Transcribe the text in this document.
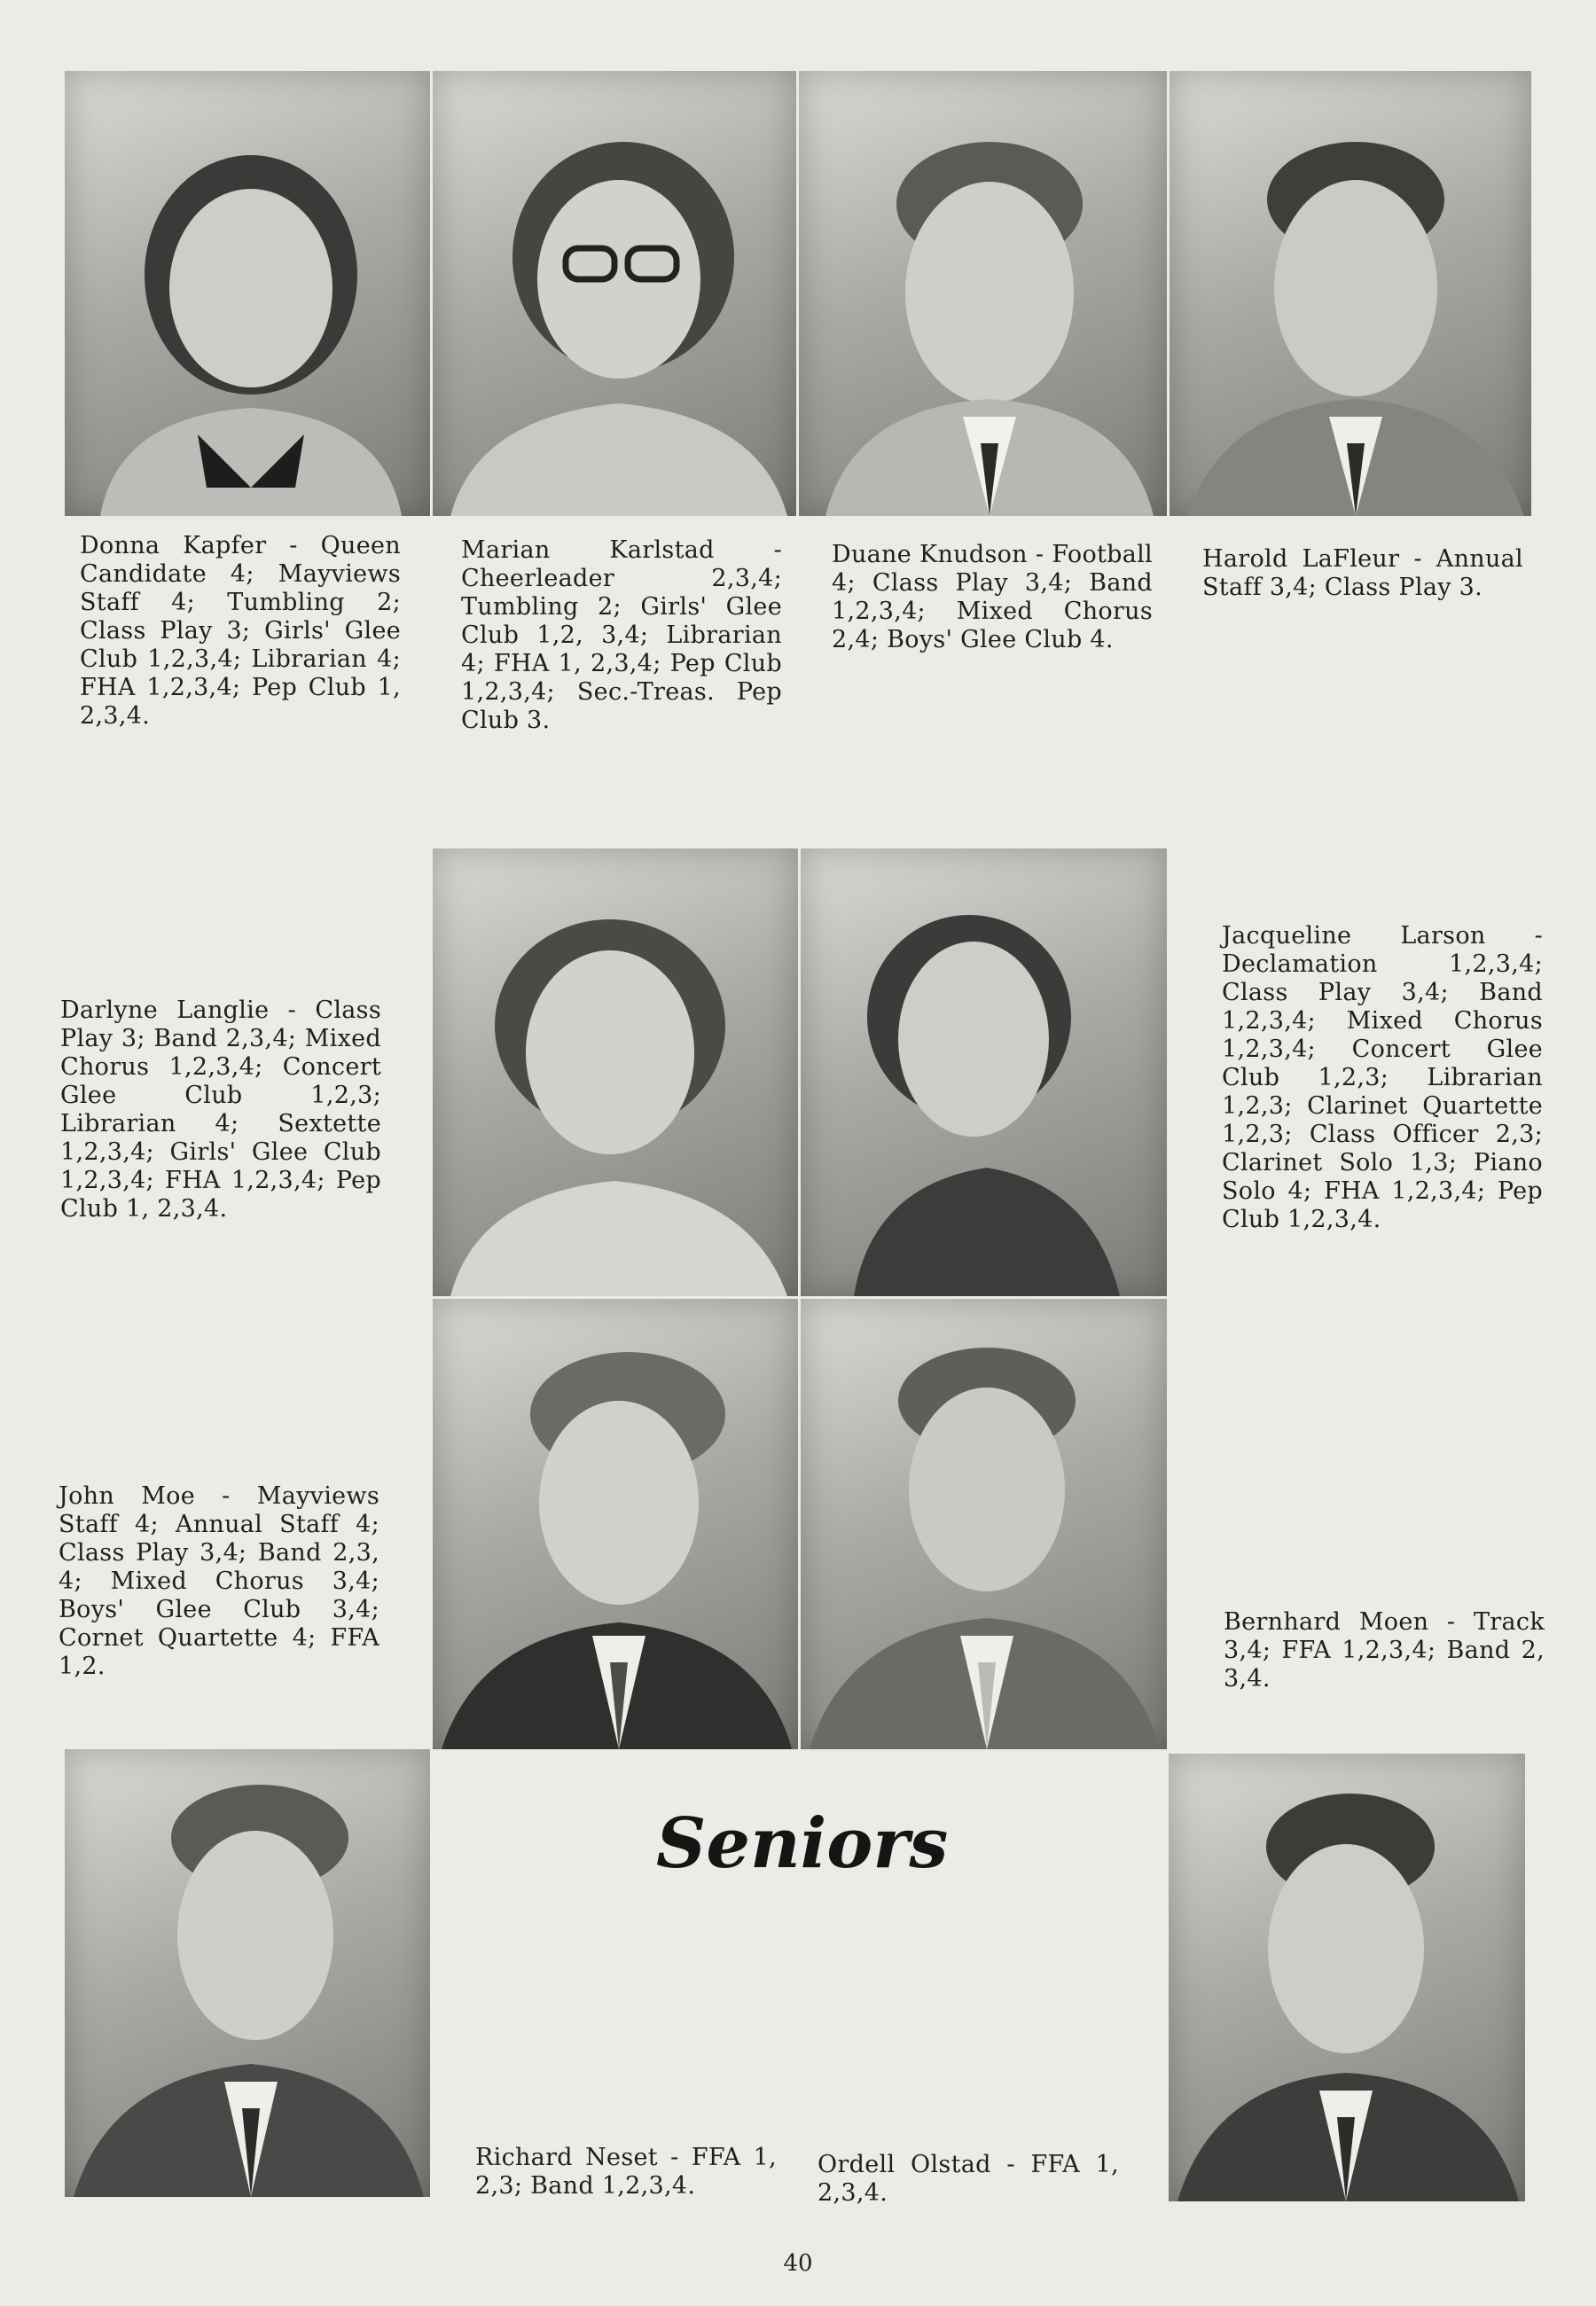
Donna Kapfer - Queen Candidate 4; Mayviews Staff 4; Tumbling 2; Class Play 3; Girls' Glee Club 1,2,3,4; Librarian 4; FHA 1,2,3,4; Pep Club 1, 2,3,4.
Marian Karlstad - Cheerleader 2,3,4; Tumbling 2; Girls' Glee Club 1,2, 3,4; Librarian 4; FHA 1, 2,3,4; Pep Club 1,2,3,4; Sec.-Treas. Pep Club 3.
Duane Knudson - Football 4; Class Play 3,4; Band 1,2,3,4; Mixed Chorus 2,4; Boys' Glee Club 4.
Harold LaFleur - Annual Staff 3,4; Class Play 3.
Darlyne Langlie - Class Play 3; Band 2,3,4; Mixed Chorus 1,2,3,4; Concert Glee Club 1,2,3; Librarian 4; Sextette 1,2,3,4; Girls' Glee Club 1,2,3,4; FHA 1,2,3,4; Pep Club 1, 2,3,4.
Jacqueline Larson - Declamation 1,2,3,4; Class Play 3,4; Band 1,2,3,4; Mixed Chorus 1,2,3,4; Concert Glee Club 1,2,3; Librarian 1,2,3; Clarinet Quartette 1,2,3; Class Officer 2,3; Clarinet Solo 1,3; Piano Solo 4; FHA 1,2,3,4; Pep Club 1,2,3,4.
John Moe - Mayviews Staff 4; Annual Staff 4; Class Play 3,4; Band 2,3, 4; Mixed Chorus 3,4; Boys' Glee Club 3,4; Cornet Quartette 4; FFA 1,2.
Bernhard Moen - Track 3,4; FFA 1,2,3,4; Band 2, 3,4.
Seniors
Richard Neset - FFA 1, 2,3; Band 1,2,3,4.
Ordell Olstad - FFA 1, 2,3,4.
40
